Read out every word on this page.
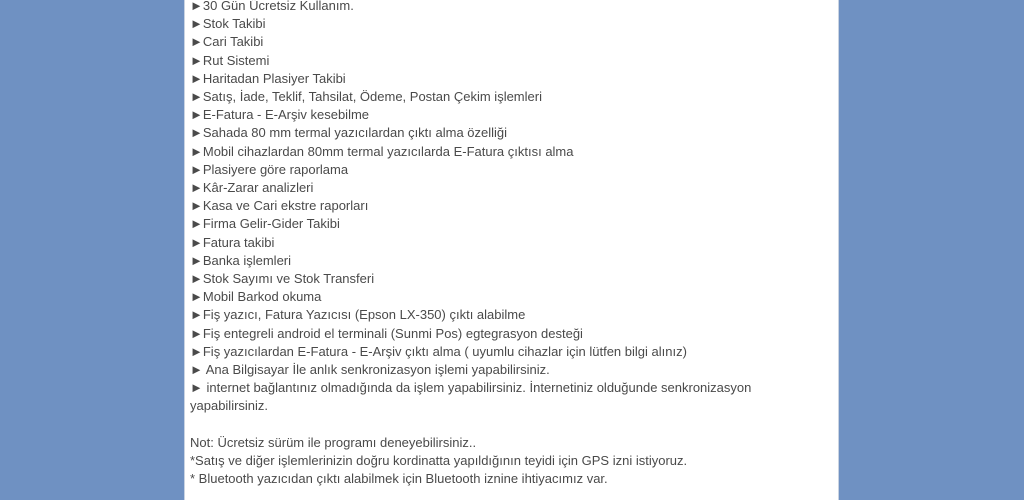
►30 Gün Ücretsiz Kullanım.

►Stok Takibi

►Cari Takibi

►Rut Sistemi

►Haritadan Plasiyer Takibi

►Satış, İade, Teklif, Tahsilat, Ödeme, Postan Çekim işlemleri

►E-Fatura - E-Arşiv kesebilme

►Sahada 80 mm termal yazıcılardan çıktı alma özelliği

►Mobil cihazlardan 80mm termal yazıcılarda E-Fatura çıktısı alma

►Plasiyere göre raporlama

►Kâr-Zarar analizleri

►Kasa ve Cari ekstre raporları

►Firma Gelir-Gider Takibi

►Fatura takibi

►Banka işlemleri

►Stok Sayımı ve Stok Transferi

►Mobil Barkod okuma

►Fiş yazıcı, Fatura Yazıcısı (Epson LX-350) çıktı alabilme

►Fiş entegreli android el terminali (Sunmi Pos) egtegrasyon desteği

►Fiş yazıcılardan E-Fatura - E-Arşiv çıktı alma ( uyumlu cihazlar için lütfen bilgi alınız)

► Ana Bilgisayar İle anlık senkronizasyon işlemi yapabilirsiniz.

► internet bağlantınız olmadığında da işlem yapabilirsiniz. İnternetiniz olduğunde senkronizasyon yapabilirsiniz.

Not: Ücretsiz sürüm ile programı deneyebilirsiniz..

*Satış ve diğer işlemlerinizin doğru kordinatta yapıldığının teyidi için GPS izni istiyoruz.

* Bluetooth yazıcıdan çıktı alabilmek için Bluetooth iznine ihtiyacımız var.
